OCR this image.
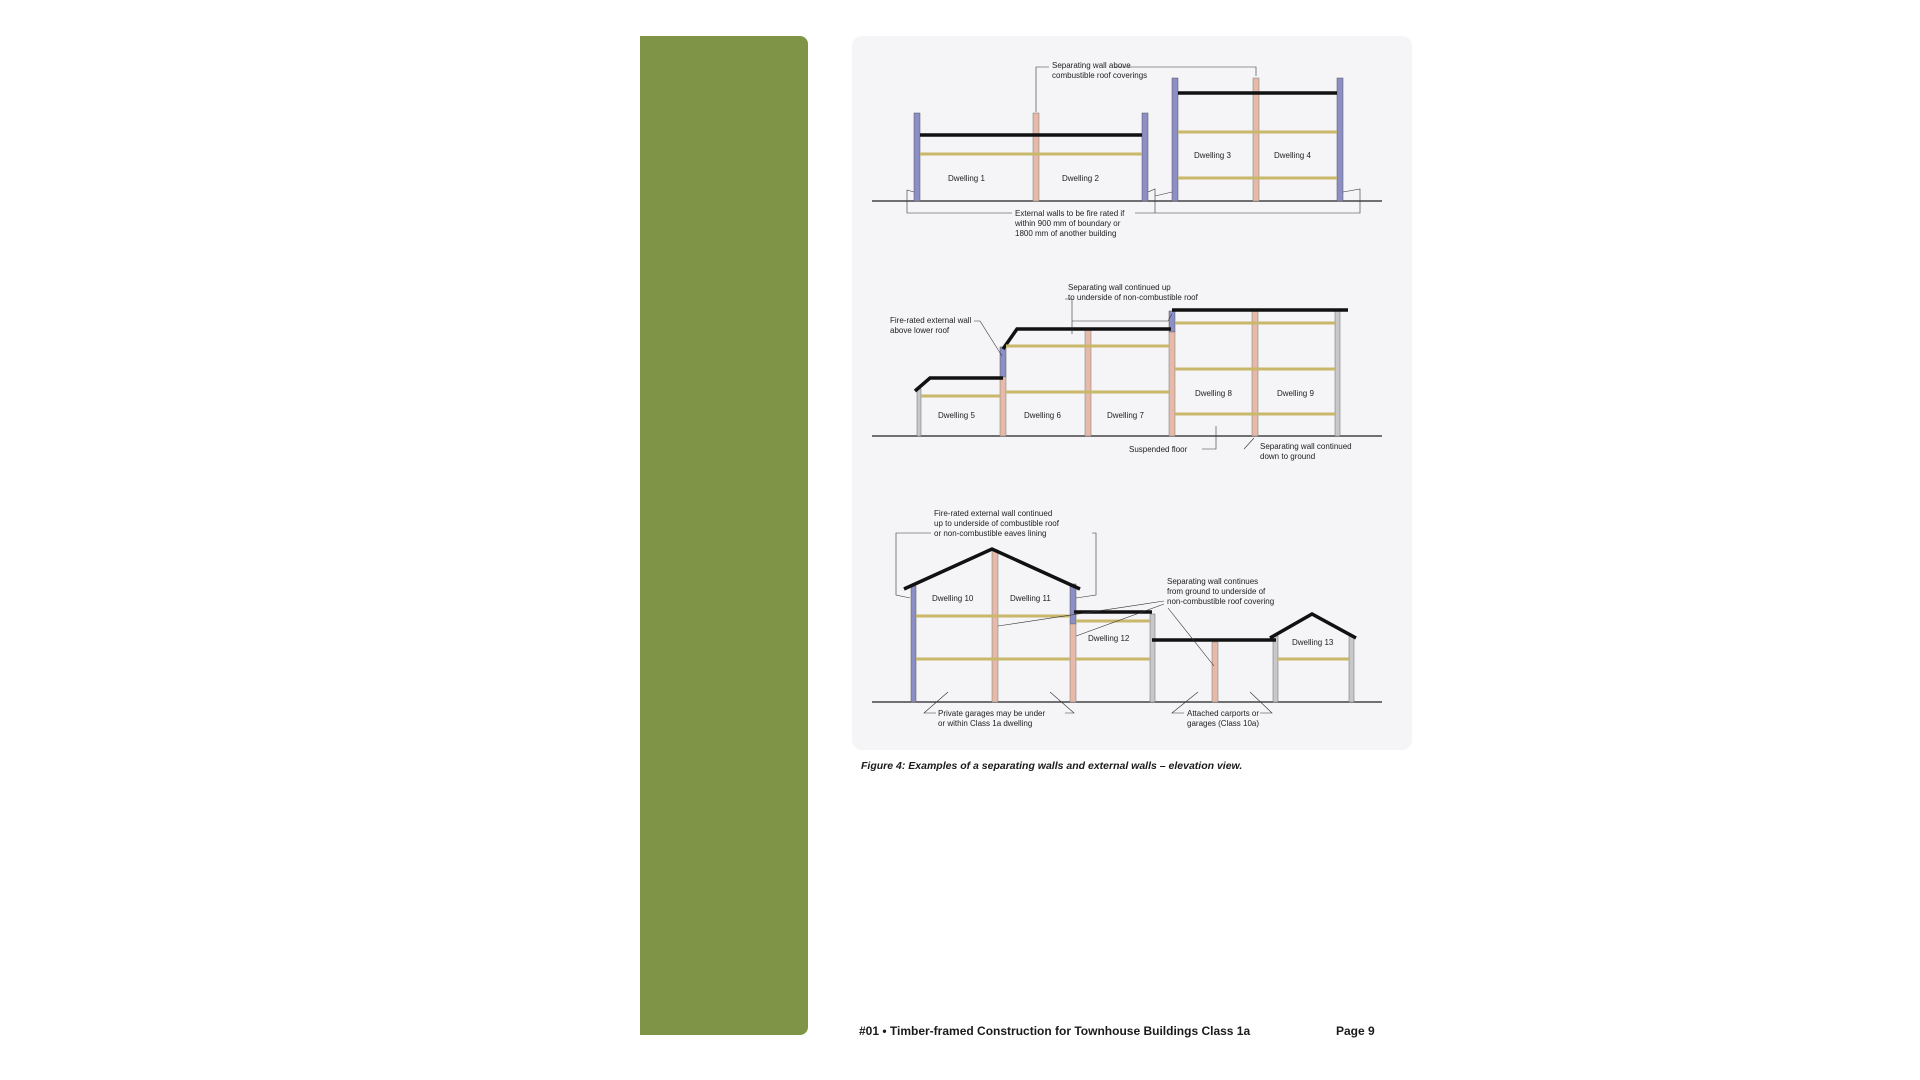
Dwelling 1	Dwelling 2
Dwelling 3	Dwelling 4
Separating wall above
combustible roof coverings
External walls to be fire rated if
within 900 mm of boundary or
1800 mm of another building
Dwelling 5	Dwelling 6	Dwelling 7
Dwelling 8	Dwelling 9
Separating wall continued up
to underside of non-combustible roof
Fire-rated external wall
above lower roof
Suspended floor	Separating wall continued
down to ground
Dwelling 10	Dwelling 11
Dwelling 12	Dwelling 13
Fire-rated external wall continued
up to underside of combustible roof
or non-combustible eaves lining
Separating wall continues
from ground to underside of
non-combustible roof covering
Private garages may be under
or within Class 1a dwelling
Attached carports or
garages (Class 10a)
Figure 4: Examples of a separating walls and external walls – elevation view.
#01 • Timber-framed Construction for Townhouse Buildings Class 1a	Page 9
